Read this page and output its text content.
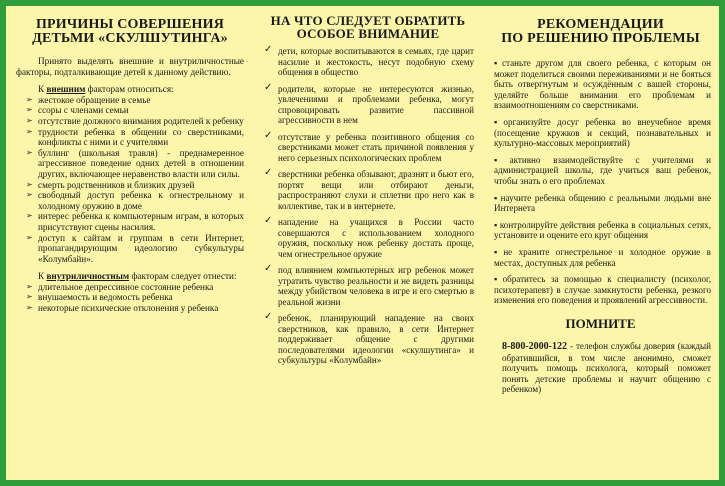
ПРИЧИНЫ СОВЕРШЕНИЯ
ДЕТЬМИ «СКУЛШУТИНГА»

Принято выделять внешние и внутриличностные факторы, подталкивающие детей к данному действию.

К внешним факторам относиться:

➢ жестокое обращение в семье
➢ ссоры с членами семьи
➢ отсутствие должного внимания родителей к ребенку
➢ трудности ребенка в общении со сверстниками, конфликты с ними и с учителями
➢ буллинг (школьная травля) - преднамеренное агрессивное поведение одних детей в отношении других, включающее неравенство власти или силы.
➢ смерть родственников и близких друзей
➢ свободный доступ ребенка к огнестрельному и холодному оружию в доме
➢ интерес ребенка к компьютерным играм, в которых присутствуют сцены насилия.
➢ доступ к сайтам и группам в сети Интернет, пропагандирующим идеологию субкультуры «Колумбайн».

К внутриличностным факторам следует отнести:

➢ длительное депрессивное состояние ребенка
➢ внушаемость и ведомость ребенка
➢ некоторые психические отклонения у ребенка
НА ЧТО СЛЕДУЕТ ОБРАТИТЬ
ОСОБОЕ ВНИМАНИЕ
✓ дети, которые воспитываются в семьях, где царит насилие и жестокость, несут подобную схему общения в общество
✓ родители, которые не интересуются жизнью, увлечениями и проблемами ребенка, могут спровоцировать развитие пассивной агрессивности в нем
✓ отсутствие у ребенка позитивного общения со сверстниками может стать причиной появления у него серьезных психологических проблем
✓ сверстники ребенка обзывают, дразнят и бьют его, портят вещи или отбирают деньги, распространяют слухи и сплетни про него как в коллективе, так и в интернете.
✓ нападение на учащихся в России часто совершаются с использованием холодного оружия, поскольку нож ребенку достать проще, чем огнестрельное оружие
✓ под влиянием компьютерных игр ребенок может утратить чувство реальности и не видеть разницы между убийством человека в игре и его смертью в реальной жизни
✓ ребенок, планирующий нападение на своих сверстников, как правило, в сети Интернет поддерживает общение с другими последователями идеологии «скулшутинга» и субкультуры «Колумбайн»
РЕКОМЕНДАЦИИ
ПО РЕШЕНИЮ ПРОБЛЕМЫ
▪ станьте другом для своего ребенка, с которым он может поделиться своими переживаниями и не бояться быть отвергнутым и осуждённым с вашей стороны, уделяйте больше внимания его проблемам и взаимоотношениям со сверстниками.
▪ организуйте досуг ребенка во внеучебное время (посещение кружков и секций, познавательных и культурно-массовых мероприятий)
▪ активно взаимодействуйте с учителями и администрацией школы, где учиться ваш ребенок, чтобы знать о его проблемах
▪ научите ребенка общению с реальными людьми вне Интернета
▪ контролируйте действия ребенка в социальных сетях, установите и оцените его круг общения
▪ не храните огнестрельное и холодное оружие в местах, доступных для ребенка
▪ обратитесь за помощью к специалисту (психолог, психотерапевт) в случае замкнутости ребенка, резкого изменения его поведения и проявлений агрессивности.
ПОМНИТЕ

8-800-2000-122 - телефон службы доверия (каждый обратившийся, в том числе анонимно, сможет получить помощь психолога, который поможет понять детские проблемы и научит общению с ребенком)
